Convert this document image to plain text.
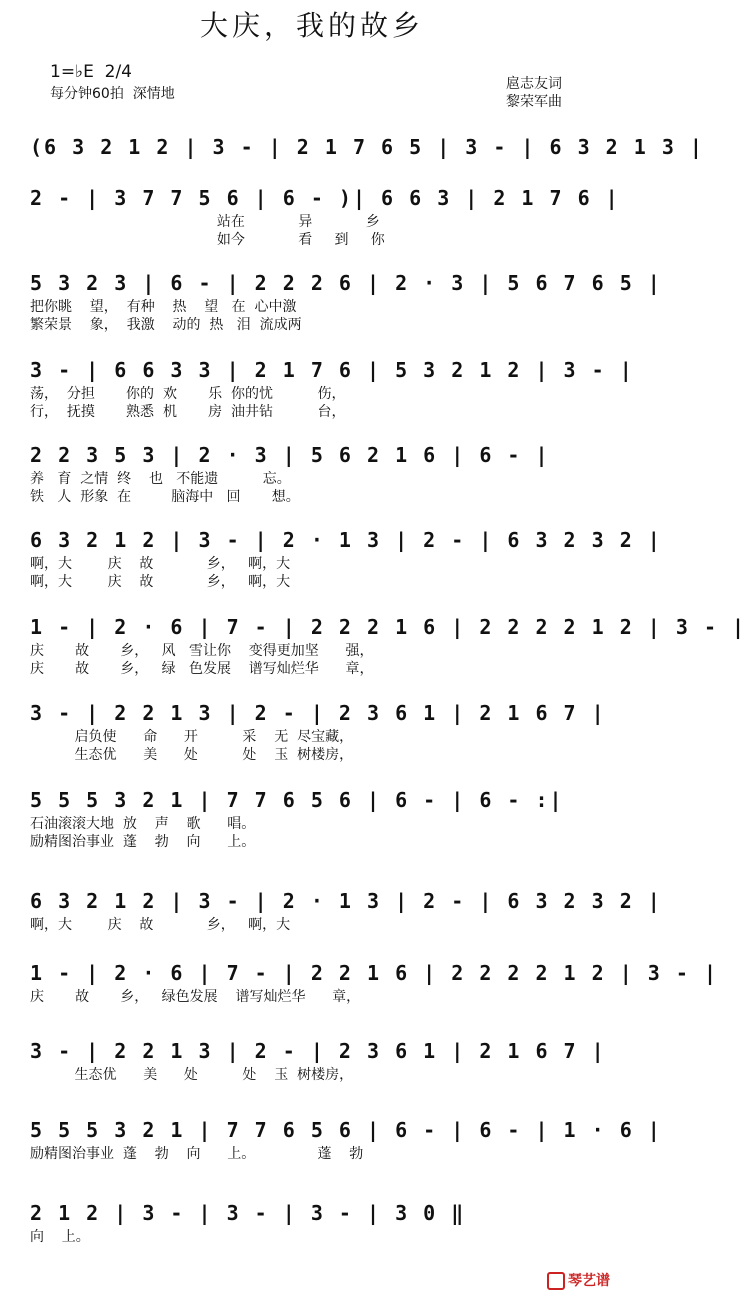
大庆，我的故乡
1=♭E  2/4
每分钟60拍  深情地
扈志友词
黎荣军曲
(6 3 2 1 2 | 3 - | 2 1 7 6 5 | 3 - | 6 3 2 1 3 |
2 - | 3 7 7 5 6 | 6 - )| 6 6 3 | 2 1 7 6 |
站在            异            乡
如今            看     到     你
5 3 2 3 | 6 - | 2 2 2 6 | 2 · 3 | 5 6 7 6 5 |
把你眺    望，  有种    热    望   在  心中激
繁荣景    象，  我激    动的  热   泪  流成两
3 - | 6 6 3 3 | 2 1 7 6 | 5 3 2 1 2 | 3 - |
荡，  分担       你的  欢       乐  你的忧          伤，
行，  抚摸       熟悉  机       房  油井钻          台，
2 2 3 5 3 | 2 · 3 | 5 6 2 1 6 | 6 - |
养   育  之情  终    也   不能遗          忘。
铁   人  形象  在         脑海中   回       想。
6 3 2 1 2 | 3 - | 2 · 1 3 | 2 - | 6 3 2 3 2 |
啊，大        庆    故            乡，   啊，大
啊，大        庆    故            乡，   啊，大
1 - | 2 · 6 | 7 - | 2 2 2 1 6 | 2 2 2 2 1 2 | 3 - |
庆       故       乡，   风   雪让你    变得更加坚      强，
庆       故       乡，   绿   色发展    谱写灿烂华      章，
3 - | 2 2 1 3 | 2 - | 2 3 6 1 | 2 1 6 7 |
启负使      命      开          采    无  尽宝藏，
生态优      美      处          处    玉  树楼房，
5 5 5 3 2 1 | 7 7 6 5 6 | 6 - | 6 - :|
石油滚滚大地  放    声    歌      唱。
励精图治事业  蓬    勃    向      上。
6 3 2 1 2 | 3 - | 2 · 1 3 | 2 - | 6 3 2 3 2 |
啊，大        庆    故            乡，   啊，大
1 - | 2 · 6 | 7 - | 2 2 1 6 | 2 2 2 2 1 2 | 3 - |
庆       故       乡，   绿色发展    谱写灿烂华      章，
3 - | 2 2 1 3 | 2 - | 2 3 6 1 | 2 1 6 7 |
生态优      美      处          处    玉  树楼房，
5 5 5 3 2 1 | 7 7 6 5 6 | 6 - | 6 - | 1 · 6 |
励精图治事业  蓬    勃    向      上。              蓬    勃
2 1 2 | 3 - | 3 - | 3 - | 3 0 ‖
向    上。
琴艺谱
